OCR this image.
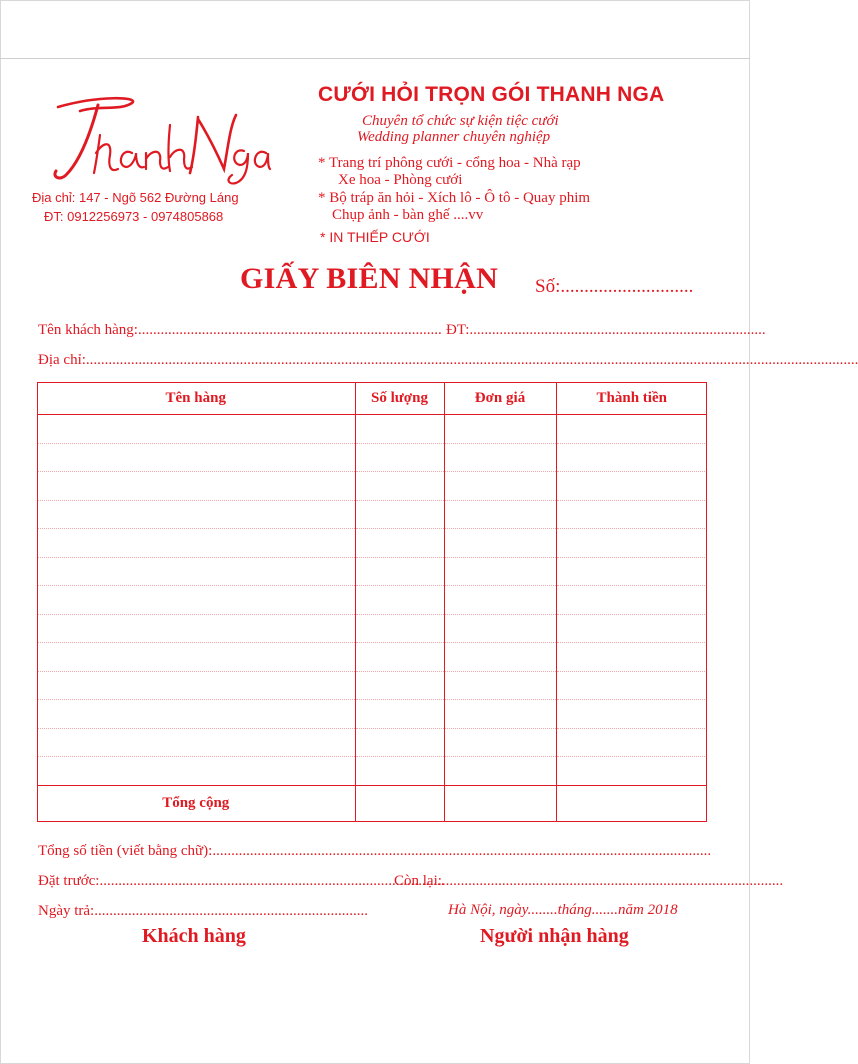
Địa chỉ: 147 - Ngõ 562 Đường Láng
ĐT: 0912256973 - 0974805868
CƯỚI HỎI TRỌN GÓI THANH NGA
Chuyên tổ chức sự kiện tiệc cưới
Wedding planner chuyên nghiệp
* Trang trí phông cưới - cổng hoa - Nhà rạp
Xe hoa - Phòng cưới
* Bộ tráp ăn hỏi - Xích lô - Ô tô - Quay phim
Chụp ảnh - bàn ghế ....vv
* IN THIẾP CƯỚI
GIẤY BIÊN NHẬN Số:............................
Tên khách hàng:................................................................................. ĐT:...............................................................................
Địa chỉ:..............................................................................................................................................................................................................
Tên hàng	Số lượng	Đơn giá	Thành tiền

Tổng cộng			
Tổng số tiền (viết bằng chữ):.....................................................................................................................................
Đặt trước:............................................................................................
Còn lại:...........................................................................................
Ngày trả:.........................................................................	Hà Nội, ngày........tháng.......năm 2018
Khách hàng	Người nhận hàng
